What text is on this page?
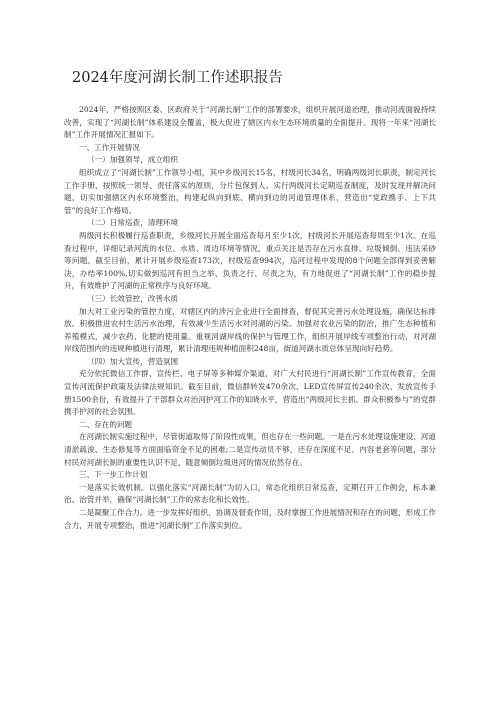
2024年度河湖长制工作述职报告

2024年，严格按照区委、区政府关于“河湖长制”工作的部署要求，组织开展河道治理，推动河流面貌持续改善，实现了“河湖长制”体系建设全覆盖，极大促进了辖区内水生态环境质量的全面提升。现将一年来“河湖长制”工作开展情况汇报如下。

一、工作开展情况

（一）加强领导，成立组织

组织成立了“河湖长制”工作领导小组，其中乡级河长15名，村级河长34名，明确两级河长职责，制定河长工作手册，按照统一领导、责任落实的原则，分片包保到人。实行两级河长定期巡查制度，及时发现并解决问题，切实加强辖区内水环境整治，构建起纵向到底、横向到边的河道管理体系，营造出“党政携手、上下共管”的良好工作格局。

（二）日常巡查，清理环境

两级河长积极履行巡查职责，乡级河长开展全面巡查每月至少1次，村级河长开展巡查每周至少1次。在巡查过程中，详细记录河流的水位、水质、周边环境等情况，重点关注是否存在污水直排、垃圾倾倒、违法采砂等问题。截至目前，累计开展乡级巡查173次，村级巡查994次，巡河过程中发现的8个问题全部得到妥善解决，办结率100%,切实做到巡河有担当之举、负责之行、尽责之为，有力地促进了“河湖长制”工作的稳步提升，有效维护了河湖的正常秩序与良好环境。

（三）长效管控，改善水质

加大对工业污染的管控力度，对辖区内的涉污企业进行全面排查，督促其完善污水处理设施，确保达标排放。积极推进农村生活污水治理，有效减少生活污水对河湖的污染。加强对农业污染的防治，推广生态种植和养殖模式，减少农药、化肥的使用量。重视河湖岸线的保护与管理工作，组织开展岸线专项整治行动，对河湖岸线范围内的违规种植进行清理，累计清理违规种植面积248亩，街道河湖水质总体呈现向好趋势。

（四）加大宣传，营造氛围

充分依托微信工作群、宣传栏、电子屏等多种媒介渠道，对广大村民进行“河湖长制”工作宣传教育，全面宣传河流保护政策及法律法规知识。截至目前，微信群转发470余次、LED宣传屏宣传240余次、发放宣传手册1500余份，有效提升了干部群众对治河护河工作的知晓水平，营造出“两级河长主抓、群众积极参与”的党群携手护河的社会氛围。

二、存在的问题

在河湖长制实施过程中，尽管街道取得了阶段性成果，但也存在一些问题。一是在污水处理设施建设、河道清淤疏浚、生态修复等方面面临资金不足的困难;二是宣传动员不够，还存在深度不足、内容老套等问题，部分村民对河湖长制的重要性认识不足，随意倾倒垃圾进河的情况依然存在。

三、下一步工作计划

一是落实长效机制。以强化落实“河湖长制”为切入口，常态化组织日常巡查，定期召开工作例会，标本兼治、治管并举，确保“河湖长制”工作的常态化和长效性。

二是凝聚工作合力。进一步发挥好组织、协调及督查作用，及时掌握工作进展情况和存在的问题，形成工作合力，开展专项整治，推进“河湖长制”工作落实到位。
